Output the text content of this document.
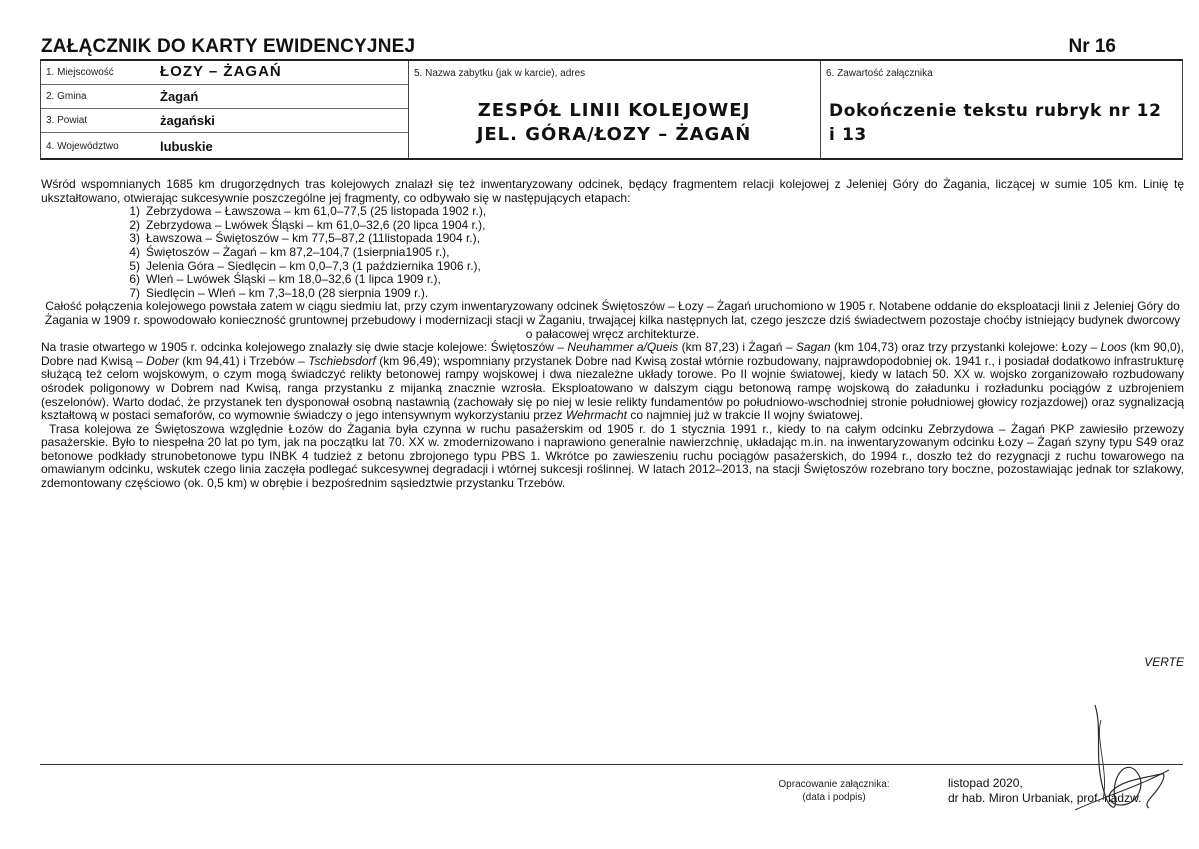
ZAŁĄCZNIK DO KARTY EWIDENCYJNEJ	Nr 16
1. Miejscowość	ŁOZY – ŻAGAŃ
2. Gmina	Żagań
3. Powiat	żagański
4. Województwo	lubuskie
5. Nazwa zabytku (jak w karcie), adres
ZESPÓŁ LINII KOLEJOWEJ
JEL. GÓRA/ŁOZY – ŻAGAŃ
6. Zawartość załącznika
Dokończenie tekstu rubryk nr 12 i 13

Wśród wspomnianych 1685 km drugorzędnych tras kolejowych znalazł się też inwentaryzowany odcinek, będący fragmentem relacji kolejowej z Jeleniej Góry do Żagania, liczącej w sumie 105 km. Linię tę ukształtowano, otwierając sukcesywnie poszczególne jej fragmenty, co odbywało się w następujących etapach:

1) Zebrzydowa – Ławszowa – km 61,0–77,5 (25 listopada 1902 r.),
2) Zebrzydowa – Lwówek Śląski – km 61,0–32,6 (20 lipca 1904 r.),
3) Ławszowa – Świętoszów – km 77,5–87,2 (11listopada 1904 r.),
4) Świętoszów – Żagań – km 87,2–104,7 (1sierpnia1905 r.),
5) Jelenia Góra – Siedlęcin – km 0,0–7,3 (1 października 1906 r.),
6) Wleń – Lwówek Śląski – km 18,0–32,6 (1 lipca 1909 r.),
7) Siedlęcin – Wleń – km 7,3–18,0 (28 sierpnia 1909 r.).

Całość połączenia kolejowego powstała zatem w ciągu siedmiu lat, przy czym inwentaryzowany odcinek Świętoszów – Łozy – Żagań uruchomiono w 1905 r. Notabene oddanie do eksploatacji linii z Jeleniej Góry do Żagania w 1909 r. spowodowało konieczność gruntownej przebudowy i modernizacji stacji w Żaganiu, trwającej kilka następnych lat, czego jeszcze dziś świadectwem pozostaje choćby istniejący budynek dworcowy o pałacowej wręcz architekturze.

Na trasie otwartego w 1905 r. odcinka kolejowego znalazły się dwie stacje kolejowe: Świętoszów – Neuhammer a/Queis (km 87,23) i Żagań – Sagan (km 104,73) oraz trzy przystanki kolejowe: Łozy – Loos (km 90,0), Dobre nad Kwisą – Dober (km 94,41) i Trzebów – Tschiebsdorf (km 96,49); wspomniany przystanek Dobre nad Kwisą został wtórnie rozbudowany, najprawdopodobniej ok. 1941 r., i posiadał dodatkowo infrastrukturę służącą też celom wojskowym, o czym mogą świadczyć relikty betonowej rampy wojskowej i dwa niezależne układy torowe. Po II wojnie światowej, kiedy w latach 50. XX w. wojsko zorganizowało rozbudowany ośrodek poligonowy w Dobrem nad Kwisą, ranga przystanku z mijanką znacznie wzrosła. Eksploatowano w dalszym ciągu betonową rampę wojskową do załadunku i rozładunku pociągów z uzbrojeniem (eszelonów). Warto dodać, że przystanek ten dysponował osobną nastawnią (zachowały się po niej w lesie relikty fundamentów po południowo-wschodniej stronie południowej głowicy rozjazdowej) oraz sygnalizacją kształtową w postaci semaforów, co wymownie świadczy o jego intensywnym wykorzystaniu przez Wehrmacht co najmniej już w trakcie II wojny światowej.

Trasa kolejowa ze Świętoszowa względnie Łozów do Żagania była czynna w ruchu pasażerskim od 1905 r. do 1 stycznia 1991 r., kiedy to na całym odcinku Zebrzydowa – Żagań PKP zawiesiło przewozy pasażerskie. Było to niespełna 20 lat po tym, jak na początku lat 70. XX w. zmodernizowano i naprawiono generalnie nawierzchnię, układając m.in. na inwentaryzowanym odcinku Łozy – Żagań szyny typu S49 oraz betonowe podkłady strunobetonowe typu INBK 4 tudzież z betonu zbrojonego typu PBS 1. Wkrótce po zawieszeniu ruchu pociągów pasażerskich, do 1994 r., doszło też do rezygnacji z ruchu towarowego na omawianym odcinku, wskutek czego linia zaczęła podlegać sukcesywnej degradacji i wtórnej sukcesji roślinnej. W latach 2012–2013, na stacji Świętoszów rozebrano tory boczne, pozostawiając jednak tor szlakowy, zdemontowany częściowo (ok. 0,5 km) w obrębie i bezpośrednim sąsiedztwie przystanku Trzebów.

VERTE
Opracowanie załącznika:
(data i podpis)
listopad 2020,
dr hab. Miron Urbaniak, prof. nadzw.
